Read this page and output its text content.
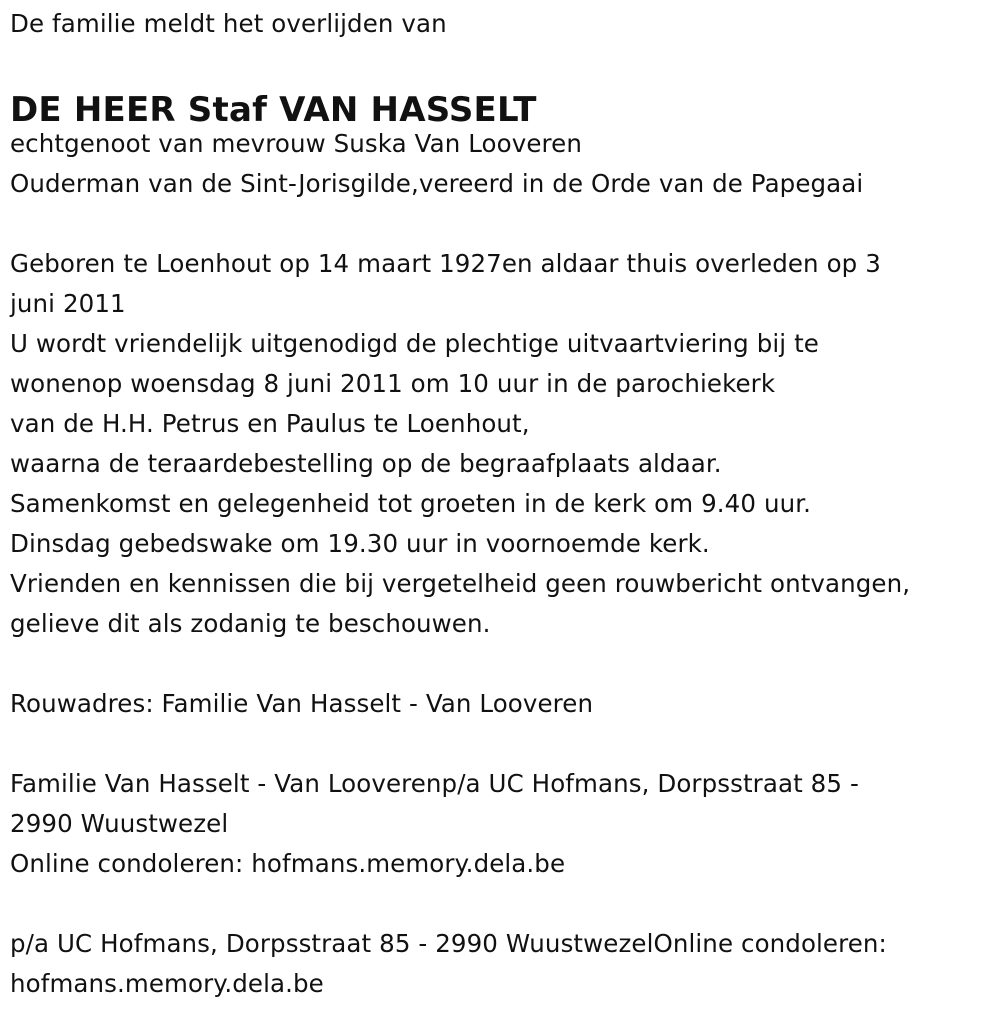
De familie meldt het overlijden van
DE HEER Staf VAN HASSELT
echtgenoot van mevrouw Suska Van Looveren
Ouderman van de Sint-Jorisgilde,vereerd in de Orde van de Papegaai
Geboren te Loenhout op 14 maart 1927en aldaar thuis overleden op 3
juni 2011
U wordt vriendelijk uitgenodigd de plechtige uitvaartviering bij te
wonenop woensdag 8 juni 2011 om 10 uur in de parochiekerk
van de H.H. Petrus en Paulus te Loenhout,
waarna de teraardebestelling op de begraafplaats aldaar.
Samenkomst en gelegenheid tot groeten in de kerk om 9.40 uur.
Dinsdag gebedswake om 19.30 uur in voornoemde kerk.
Vrienden en kennissen die bij vergetelheid geen rouwbericht ontvangen,
gelieve dit als zodanig te beschouwen.
Rouwadres: Familie Van Hasselt - Van Looveren
Familie Van Hasselt - Van Looverenp/a UC Hofmans, Dorpsstraat 85 -
2990 Wuustwezel
Online condoleren: hofmans.memory.dela.be
p/a UC Hofmans, Dorpsstraat 85 - 2990 WuustwezelOnline condoleren:
hofmans.memory.dela.be
